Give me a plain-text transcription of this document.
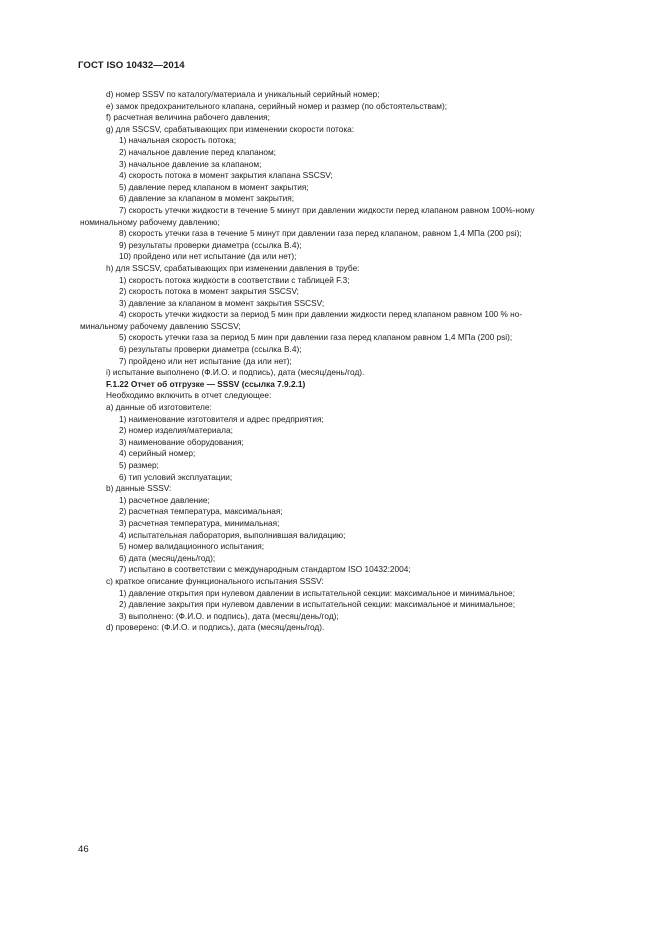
ГОСТ ISO 10432—2014
d) номер SSSV по каталогу/материала и уникальный серийный номер;
e) замок предохранительного клапана, серийный номер и размер (по обстоятельствам);
f) расчетная величина рабочего давления;
g) для SSCSV, срабатывающих при изменении скорости потока:
1) начальная скорость потока;
2) начальное давление перед клапаном;
3) начальное давление за клапаном;
4) скорость потока в момент закрытия клапана SSCSV;
5) давление перед клапаном в момент закрытия;
6) давление за клапаном в момент закрытия;
7) скорость утечки жидкости в течение 5 минут при давлении жидкости перед клапаном равном 100%-ному
номинальному рабочему давлению;
8) скорость утечки газа в течение 5 минут при давлении газа перед клапаном, равном 1,4 МПа (200 psi);
9) результаты проверки диаметра (ссылка В.4);
10) пройдено или нет испытание (да или нет);
h) для SSCSV, срабатывающих при изменении давления в трубе:
1) скорость потока жидкости в соответствии с таблицей F.3;
2) скорость потока в момент закрытия SSCSV;
3) давление за клапаном в момент закрытия SSCSV;
4) скорость утечки жидкости за период 5 мин при давлении жидкости перед клапаном равном 100 % но-
минальному рабочему давлению SSCSV;
5) скорость утечки газа за период 5 мин при давлении газа перед клапаном равном 1,4 МПа (200 psi);
6) результаты проверки диаметра (ссылка В.4);
7) пройдено или нет испытание (да или нет);
i) испытание выполнено (Ф.И.О. и подпись), дата (месяц/день/год).
F.1.22 Отчет об отгрузке — SSSV (ссылка 7.9.2.1)
Необходимо включить в отчет следующее:
а) данные об изготовителе:
1) наименование изготовителя и адрес предприятия;
2) номер изделия/материала;
3) наименование оборудования;
4) серийный номер;
5) размер;
6) тип условий эксплуатации;
b) данные SSSV:
1) расчетное давление;
2) расчетная температура, максимальная;
3) расчетная температура, минимальная;
4) испытательная лаборатория, выполнившая валидацию;
5) номер валидационного испытания;
6) дата (месяц/день/год);
7) испытано в соответствии с международным стандартом ISO 10432:2004;
с) краткое описание функционального испытания SSSV:
1) давление открытия при нулевом давлении в испытательной секции: максимальное и минимальное;
2) давление закрытия при нулевом давлении в испытательной секции: максимальное и минимальное;
3) выполнено: (Ф.И.О. и подпись), дата (месяц/день/год);
d) проверено: (Ф.И.О. и подпись), дата (месяц/день/год).
46
